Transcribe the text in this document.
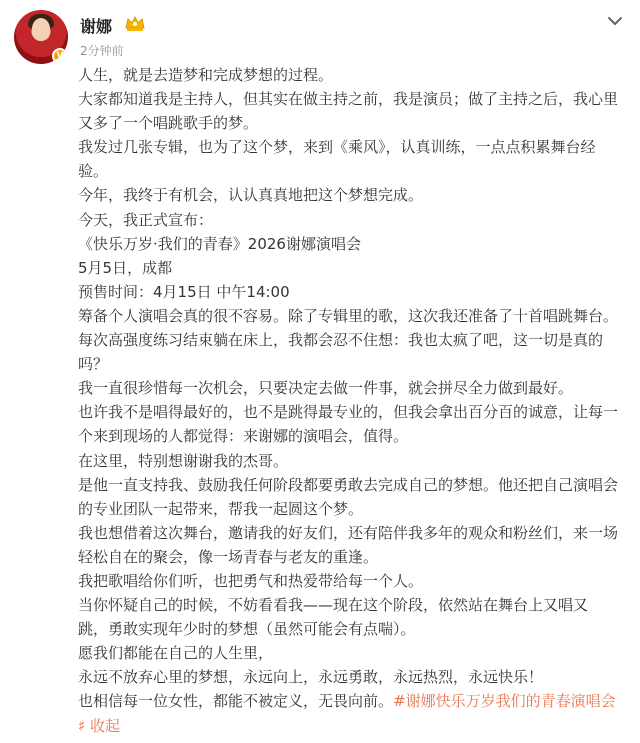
V
谢娜
2分钟前
人生，就是去造梦和完成梦想的过程。
大家都知道我是主持人，但其实在做主持之前，我是演员；做了主持之后，我心里
又多了一个唱跳歌手的梦。
我发过几张专辑，也为了这个梦，来到《乘风》，认真训练，一点点积累舞台经
验。
今年，我终于有机会，认认真真地把这个梦想完成。
今天，我正式宣布：
《快乐万岁·我们的青春》2026谢娜演唱会
5月5日，成都
预售时间：4月15日 中午14:00
筹备个人演唱会真的很不容易。除了专辑里的歌，这次我还准备了十首唱跳舞台。
每次高强度练习结束躺在床上，我都会忍不住想：我也太疯了吧，这一切是真的
吗？
我一直很珍惜每一次机会，只要决定去做一件事，就会拼尽全力做到最好。
也许我不是唱得最好的，也不是跳得最专业的，但我会拿出百分百的诚意，让每一
个来到现场的人都觉得：来谢娜的演唱会，值得。
在这里，特别想谢谢我的杰哥。
是他一直支持我、鼓励我任何阶段都要勇敢去完成自己的梦想。他还把自己演唱会
的专业团队一起带来，帮我一起圆这个梦。
我也想借着这次舞台，邀请我的好友们，还有陪伴我多年的观众和粉丝们，来一场
轻松自在的聚会，像一场青春与老友的重逢。
我把歌唱给你们听，也把勇气和热爱带给每一个人。
当你怀疑自己的时候，不妨看看我——现在这个阶段，依然站在舞台上又唱又
跳，勇敢实现年少时的梦想（虽然可能会有点喘）。
愿我们都能在自己的人生里，
永远不放弃心里的梦想，永远向上，永远勇敢，永远热烈，永远快乐！
也相信每一位女性，都能不被定义，无畏向前。#谢娜快乐万岁我们的青春演唱会
♯ 收起
